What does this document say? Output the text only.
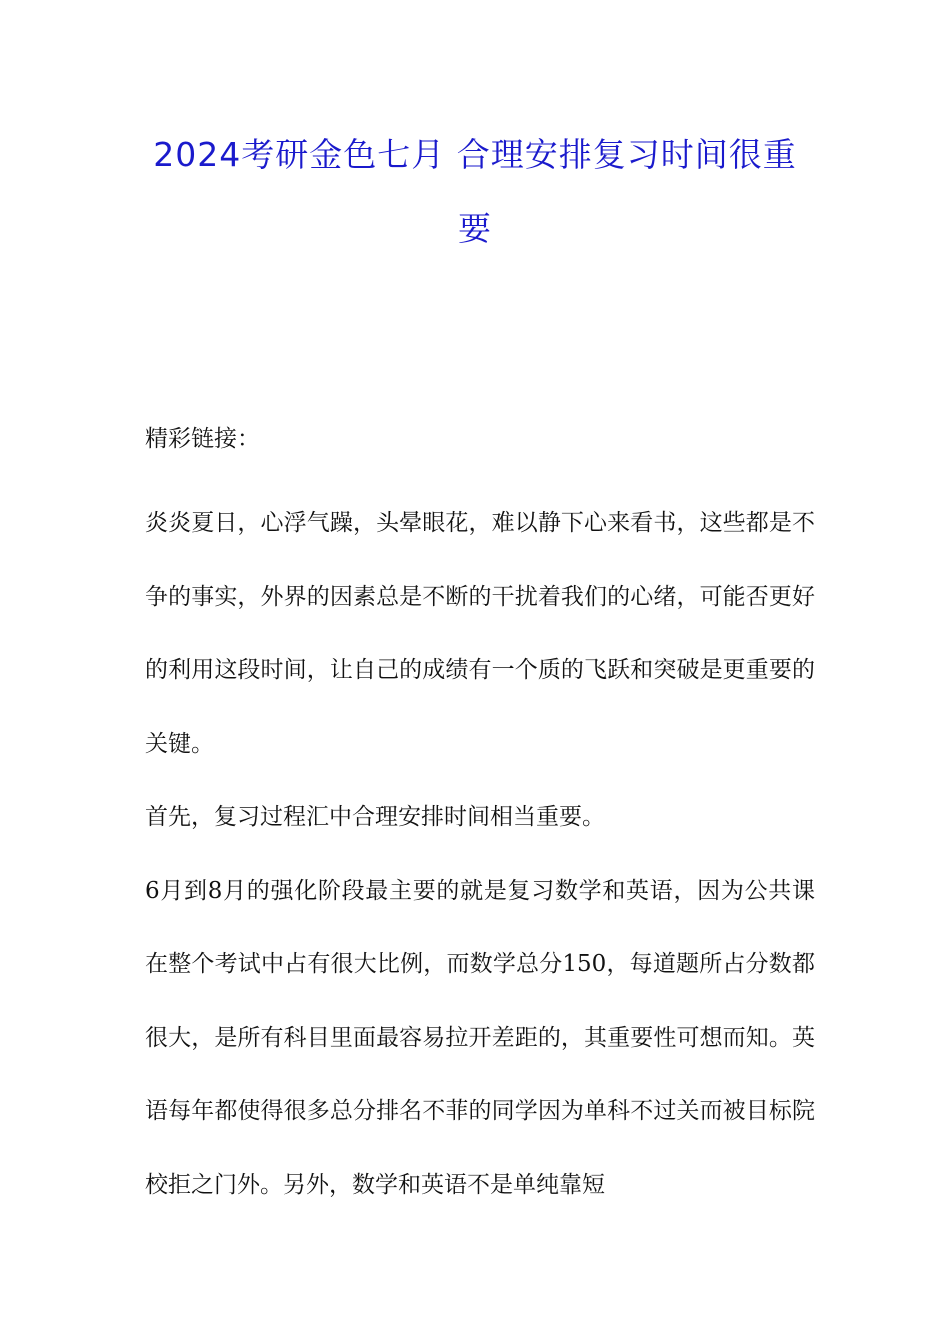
2024考研金色七月 合理安排复习时间很重要

精彩链接：

炎炎夏日，心浮气躁，头晕眼花，难以静下心来看书，这些都是不争的事实，外界的因素总是不断的干扰着我们的心绪，可能否更好的利用这段时间，让自己的成绩有一个质的飞跃和突破是更重要的关键。

首先，复习过程汇中合理安排时间相当重要。

6月到8月的强化阶段最主要的就是复习数学和英语，因为公共课在整个考试中占有很大比例，而数学总分150，每道题所占分数都很大，是所有科目里面最容易拉开差距的，其重要性可想而知。英语每年都使得很多总分排名不菲的同学因为单科不过关而被目标院校拒之门外。另外，数学和英语不是单纯靠短
